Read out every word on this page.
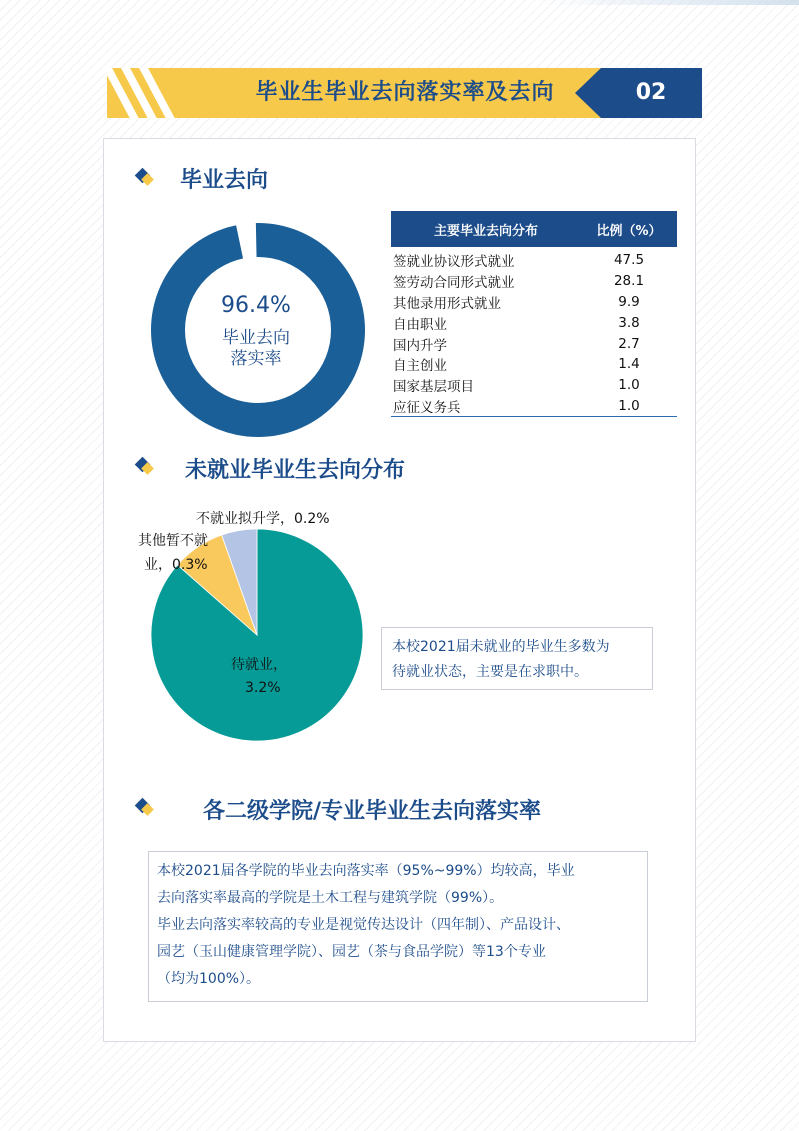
毕业生毕业去向落实率及去向	02
毕业去向
96.4%
毕业去向
落实率
主要毕业去向分布	比例（%）
签就业协议形式就业	47.5
签劳动合同形式就业	28.1
其他录用形式就业	9.9
自由职业	3.8
国内升学	2.7
自主创业	1.4
国家基层项目	1.0
应征义务兵	1.0
未就业毕业生去向分布
不就业拟升学，0.2%
其他暂不就
业，0.3%
待就业，
3.2%
本校2021届未就业的毕业生多数为
待就业状态，主要是在求职中。
各二级学院/专业毕业生去向落实率
本校2021届各学院的毕业去向落实率（95%~99%）均较高，毕业
去向落实率最高的学院是土木工程与建筑学院（99%）。
毕业去向落实率较高的专业是视觉传达设计（四年制）、产品设计、
园艺（玉山健康管理学院）、园艺（茶与食品学院）等13个专业
（均为100%）。
